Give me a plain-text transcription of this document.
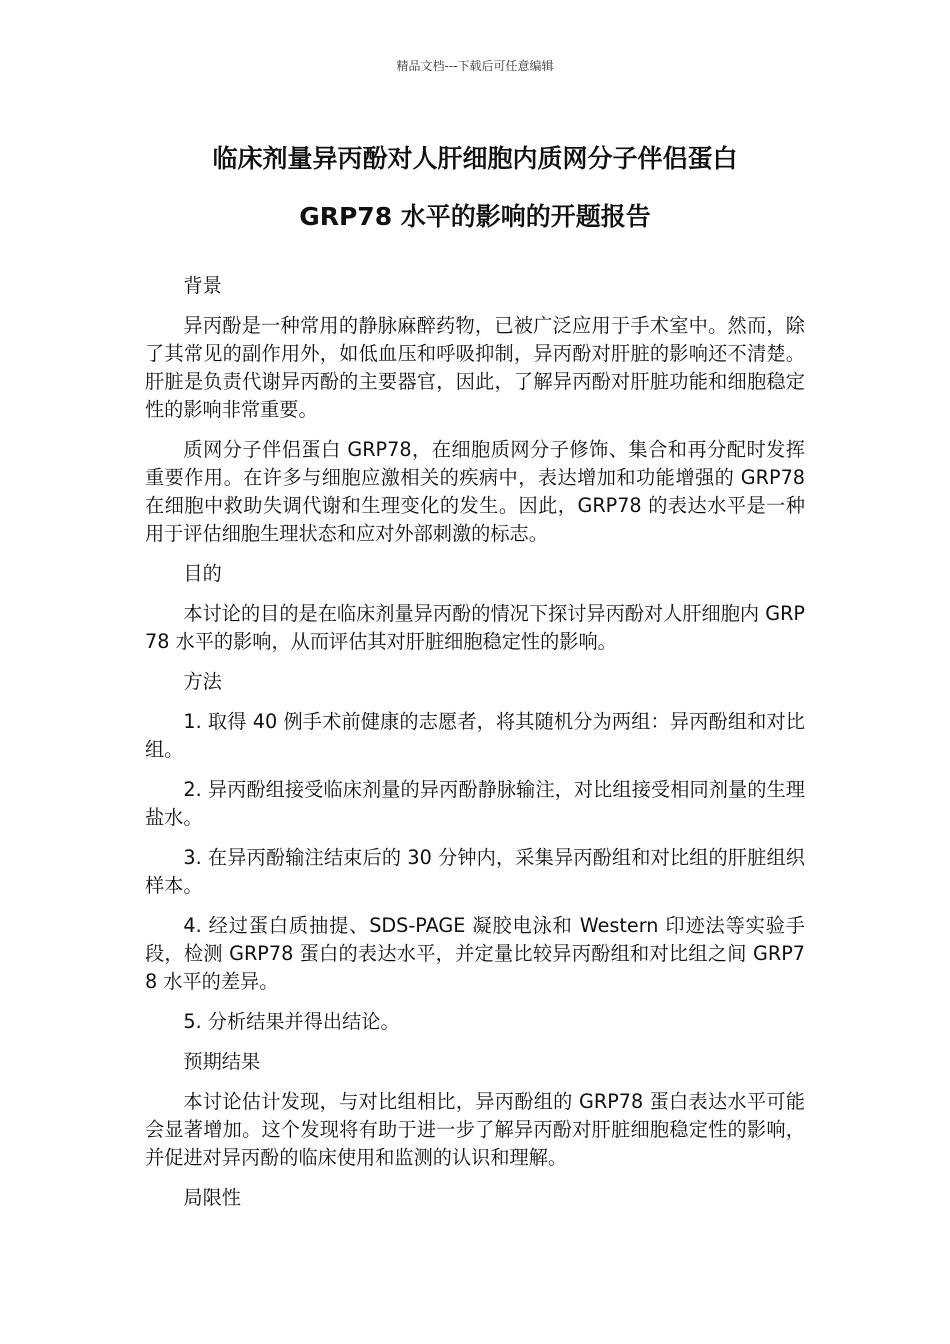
精品文档---下载后可任意编辑
临床剂量异丙酚对人肝细胞内质网分子伴侣蛋白
GRP78 水平的影响的开题报告

背景

异丙酚是一种常用的静脉麻醉药物，已被广泛应用于手术室中。然而，除了其常见的副作用外，如低血压和呼吸抑制，异丙酚对肝脏的影响还不清楚。肝脏是负责代谢异丙酚的主要器官，因此，了解异丙酚对肝脏功能和细胞稳定性的影响非常重要。

质网分子伴侣蛋白 GRP78，在细胞质网分子修饰、集合和再分配时发挥重要作用。在许多与细胞应激相关的疾病中，表达增加和功能增强的 GRP78 在细胞中救助失调代谢和生理变化的发生。因此，GRP78 的表达水平是一种用于评估细胞生理状态和应对外部刺激的标志。

目的

本讨论的目的是在临床剂量异丙酚的情况下探讨异丙酚对人肝细胞内 GRP78 水平的影响，从而评估其对肝脏细胞稳定性的影响。

方法

1. 取得 40 例手术前健康的志愿者，将其随机分为两组：异丙酚组和对比组。

2. 异丙酚组接受临床剂量的异丙酚静脉输注，对比组接受相同剂量的生理盐水。

3. 在异丙酚输注结束后的 30 分钟内，采集异丙酚组和对比组的肝脏组织样本。

4. 经过蛋白质抽提、SDS-PAGE 凝胶电泳和 Western 印迹法等实验手段，检测 GRP78 蛋白的表达水平，并定量比较异丙酚组和对比组之间 GRP78 水平的差异。

5. 分析结果并得出结论。

预期结果

本讨论估计发现，与对比组相比，异丙酚组的 GRP78 蛋白表达水平可能会显著增加。这个发现将有助于进一步了解异丙酚对肝脏细胞稳定性的影响，并促进对异丙酚的临床使用和监测的认识和理解。

局限性
